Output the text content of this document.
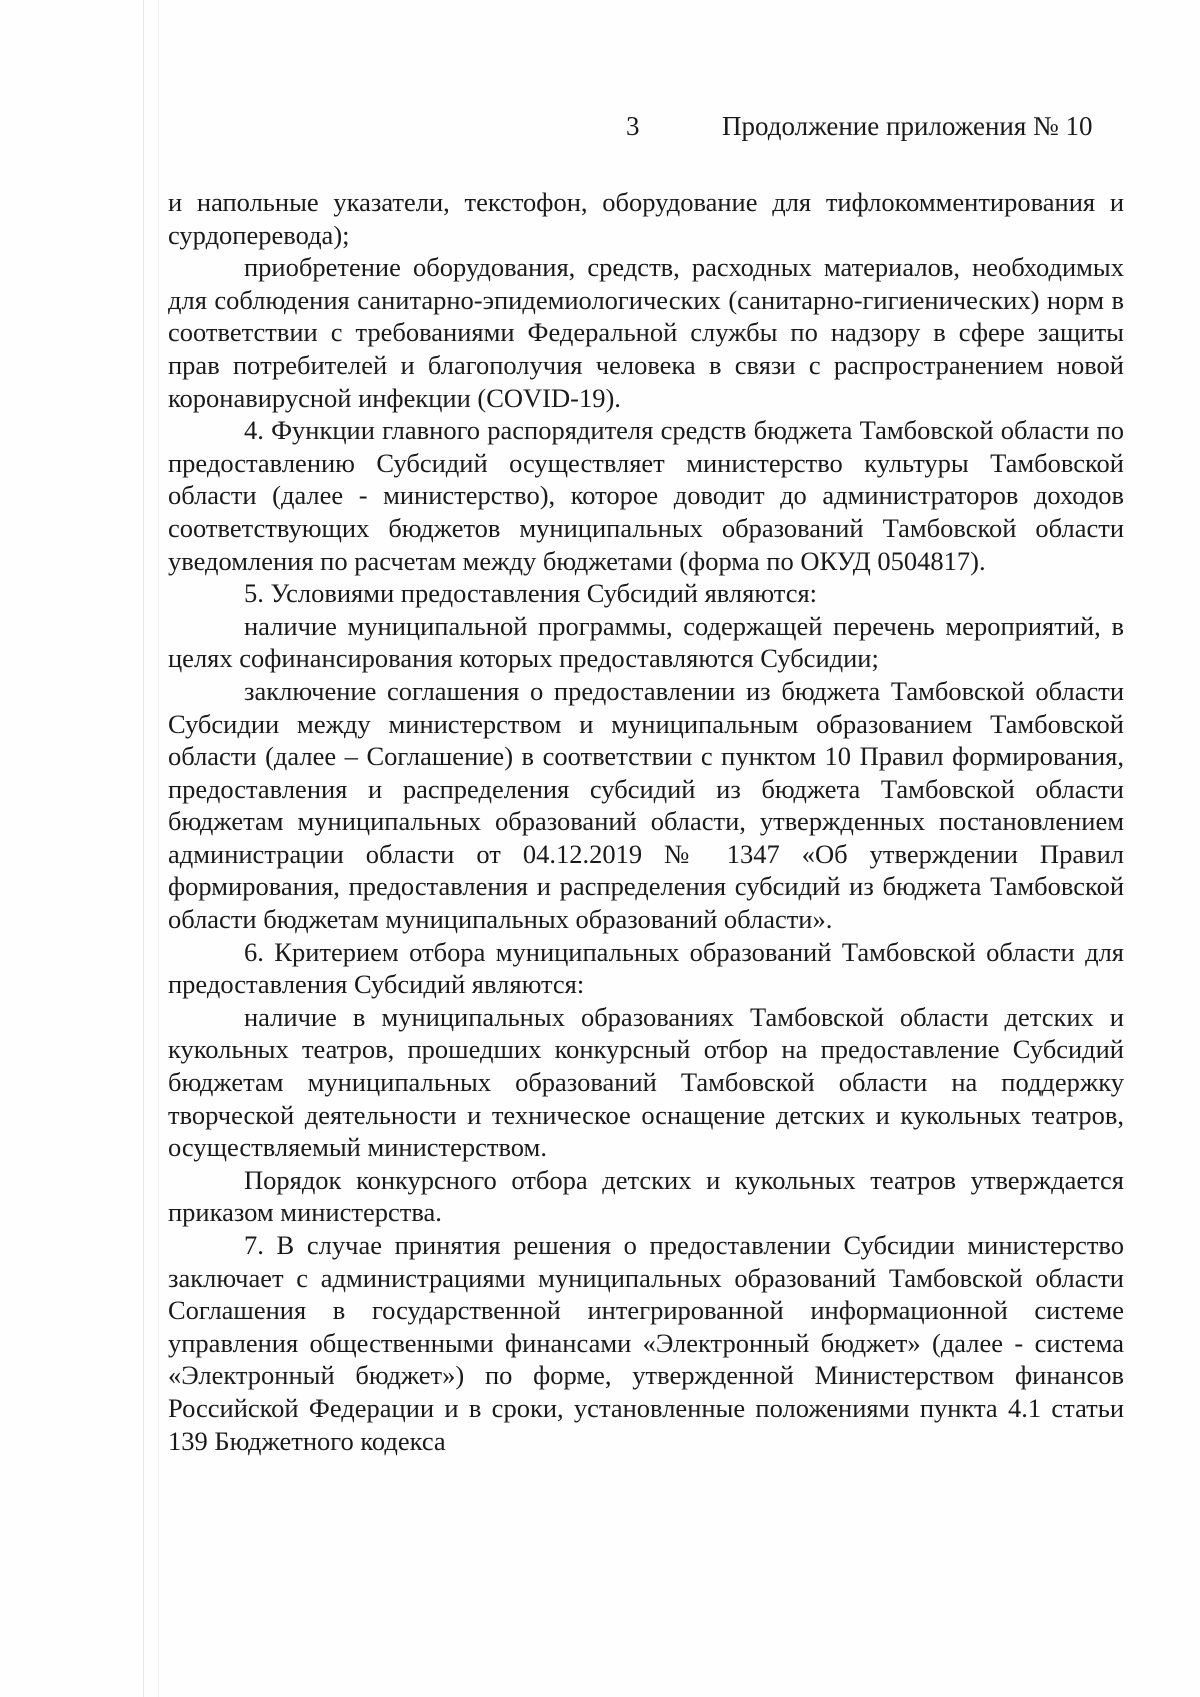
3	Продолжение приложения № 10

и напольные указатели, текстофон, оборудование для тифлокомментирования и сурдоперевода);

приобретение оборудования, средств, расходных материалов, необходимых для соблюдения санитарно-эпидемиологических (санитарно-гигиенических) норм в соответствии с требованиями Федеральной службы по надзору в сфере защиты прав потребителей и благополучия человека в связи с распространением новой коронавирусной инфекции (COVID-19).

4. Функции главного распорядителя средств бюджета Тамбовской области по предоставлению Субсидий осуществляет министерство культуры Тамбовской области (далее - министерство), которое доводит до администраторов доходов соответствующих бюджетов муниципальных образований Тамбовской области уведомления по расчетам между бюджетами (форма по ОКУД 0504817).

5. Условиями предоставления Субсидий являются:

наличие муниципальной программы, содержащей перечень мероприятий, в целях софинансирования которых предоставляются Субсидии;

заключение соглашения о предоставлении из бюджета Тамбовской области Субсидии между министерством и муниципальным образованием Тамбовской области (далее – Соглашение) в соответствии с пунктом 10 Правил формирования, предоставления и распределения субсидий из бюджета Тамбовской области бюджетам муниципальных образований области, утвержденных постановлением администрации области от 04.12.2019 № 1347 «Об утверждении Правил формирования, предоставления и распределения субсидий из бюджета Тамбовской области бюджетам муниципальных образований области».

6. Критерием отбора муниципальных образований Тамбовской области для предоставления Субсидий являются:

наличие в муниципальных образованиях Тамбовской области детских и кукольных театров, прошедших конкурсный отбор на предоставление Субсидий бюджетам муниципальных образований Тамбовской области на поддержку творческой деятельности и техническое оснащение детских и кукольных театров, осуществляемый министерством.

Порядок конкурсного отбора детских и кукольных театров утверждается приказом министерства.

7. В случае принятия решения о предоставлении Субсидии министерство заключает с администрациями муниципальных образований Тамбовской области Соглашения в государственной интегрированной информационной системе управления общественными финансами «Электронный бюджет» (далее - система «Электронный бюджет») по форме, утвержденной Министерством финансов Российской Федерации и в сроки, установленные положениями пункта 4.1 статьи 139 Бюджетного кодекса
